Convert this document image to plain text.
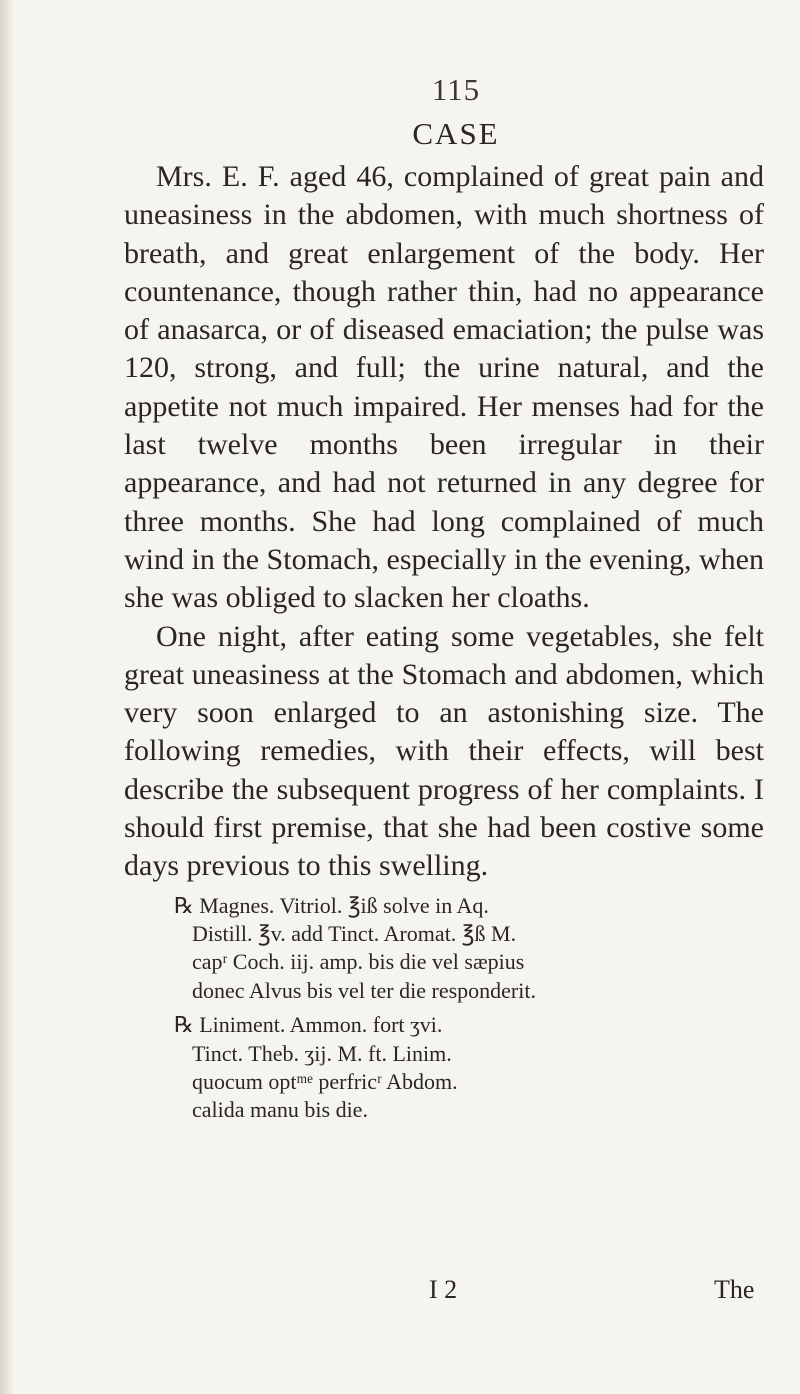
115
CASE

Mrs. E. F. aged 46, complained of great pain and uneasiness in the abdomen, with much shortness of breath, and great enlargement of the body. Her countenance, though rather thin, had no appearance of anasarca, or of diseased emaciation; the pulse was 120, strong, and full; the urine natural, and the appetite not much impaired. Her menses had for the last twelve months been irregular in their appearance, and had not returned in any degree for three months. She had long complained of much wind in the Stomach, especially in the evening, when she was obliged to slacken her cloaths.

One night, after eating some vegetables, she felt great uneasiness at the Stomach and abdomen, which very soon enlarged to an astonishing size. The following remedies, with their effects, will best describe the subsequent progress of her complaints. I should first premise, that she had been costive some days previous to this swelling.

℞ Magnes. Vitriol. ℥iß solve in Aq.
Distill. ℥v. add Tinct. Aromat. ℥ß M.
capʳ Coch. iij. amp. bis die vel sæpius
donec Alvus bis vel ter die responderit.
℞ Liniment. Ammon. fort ʒvi.
Tinct. Theb. ʒij. M. ft. Linim.
quocum optᵐᵉ perfricʳ Abdom.
calida manu bis die.
I 2	The
